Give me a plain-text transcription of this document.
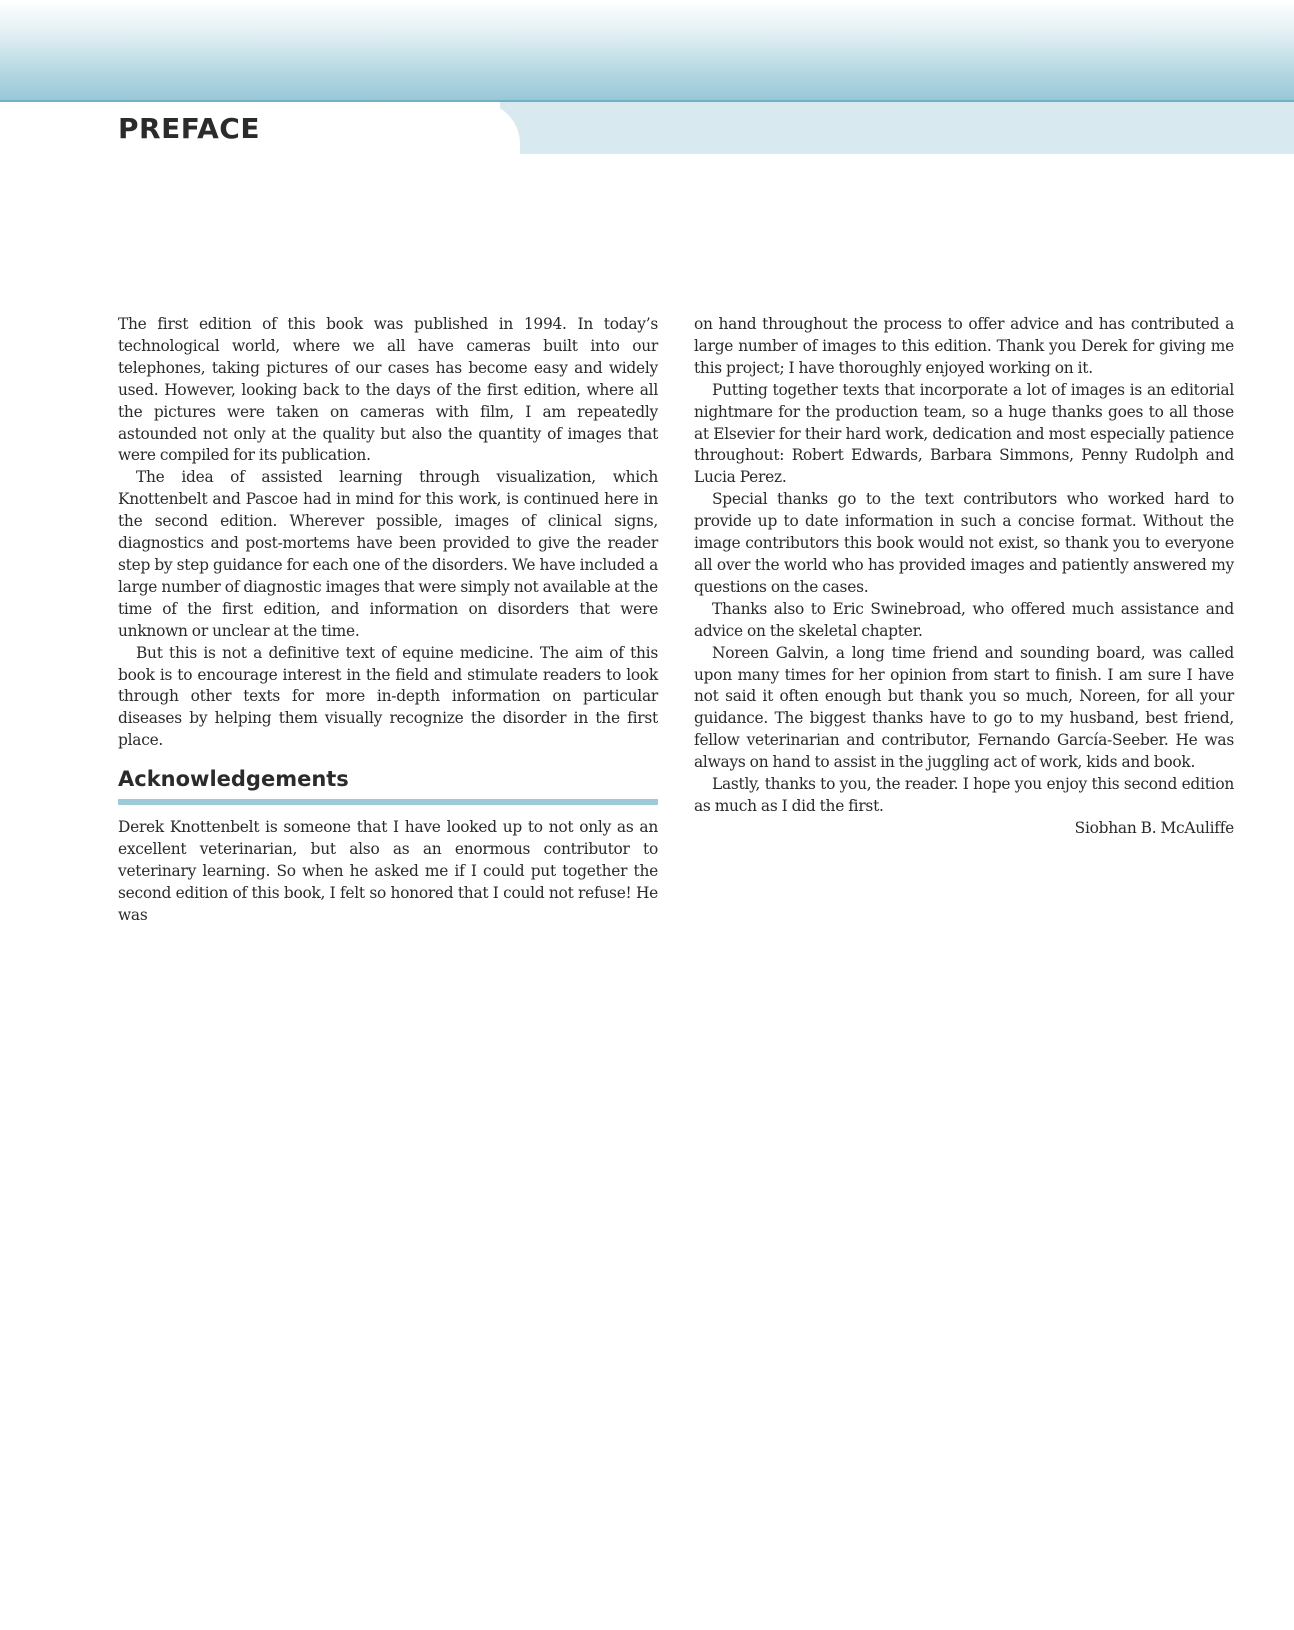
PREFACE

The first edition of this book was published in 1994. In today’s technological world, where we all have cameras built into our telephones, taking pictures of our cases has become easy and widely used. However, looking back to the days of the first edition, where all the pictures were taken on cameras with film, I am repeatedly astounded not only at the quality but also the quantity of images that were compiled for its publication.

The idea of assisted learning through visualization, which Knottenbelt and Pascoe had in mind for this work, is continued here in the second edition. Wherever possible, images of clinical signs, diagnostics and post-mortems have been provided to give the reader step by step guidance for each one of the disorders. We have included a large number of diagnostic images that were simply not available at the time of the first edition, and information on disorders that were unknown or unclear at the time.

But this is not a definitive text of equine medicine. The aim of this book is to encourage interest in the field and stimulate readers to look through other texts for more in-depth information on particular diseases by helping them visually recognize the disorder in the first place.

Acknowledgements

Derek Knottenbelt is someone that I have looked up to not only as an excellent veterinarian, but also as an enormous contributor to veterinary learning. So when he asked me if I could put together the second edition of this book, I felt so honored that I could not refuse! He was

on hand throughout the process to offer advice and has contributed a large number of images to this edition. Thank you Derek for giving me this project; I have thoroughly enjoyed working on it.

Putting together texts that incorporate a lot of images is an editorial nightmare for the production team, so a huge thanks goes to all those at Elsevier for their hard work, dedication and most especially patience throughout: Robert Edwards, Barbara Simmons, Penny Rudolph and Lucia Perez.

Special thanks go to the text contributors who worked hard to provide up to date information in such a concise format. Without the image contributors this book would not exist, so thank you to everyone all over the world who has provided images and patiently answered my questions on the cases.

Thanks also to Eric Swinebroad, who offered much assistance and advice on the skeletal chapter.

Noreen Galvin, a long time friend and sounding board, was called upon many times for her opinion from start to finish. I am sure I have not said it often enough but thank you so much, Noreen, for all your guidance. The biggest thanks have to go to my husband, best friend, fellow veterinarian and contributor, Fernando García-Seeber. He was always on hand to assist in the juggling act of work, kids and book.

Lastly, thanks to you, the reader. I hope you enjoy this second edition as much as I did the first.

Siobhan B. McAuliffe
